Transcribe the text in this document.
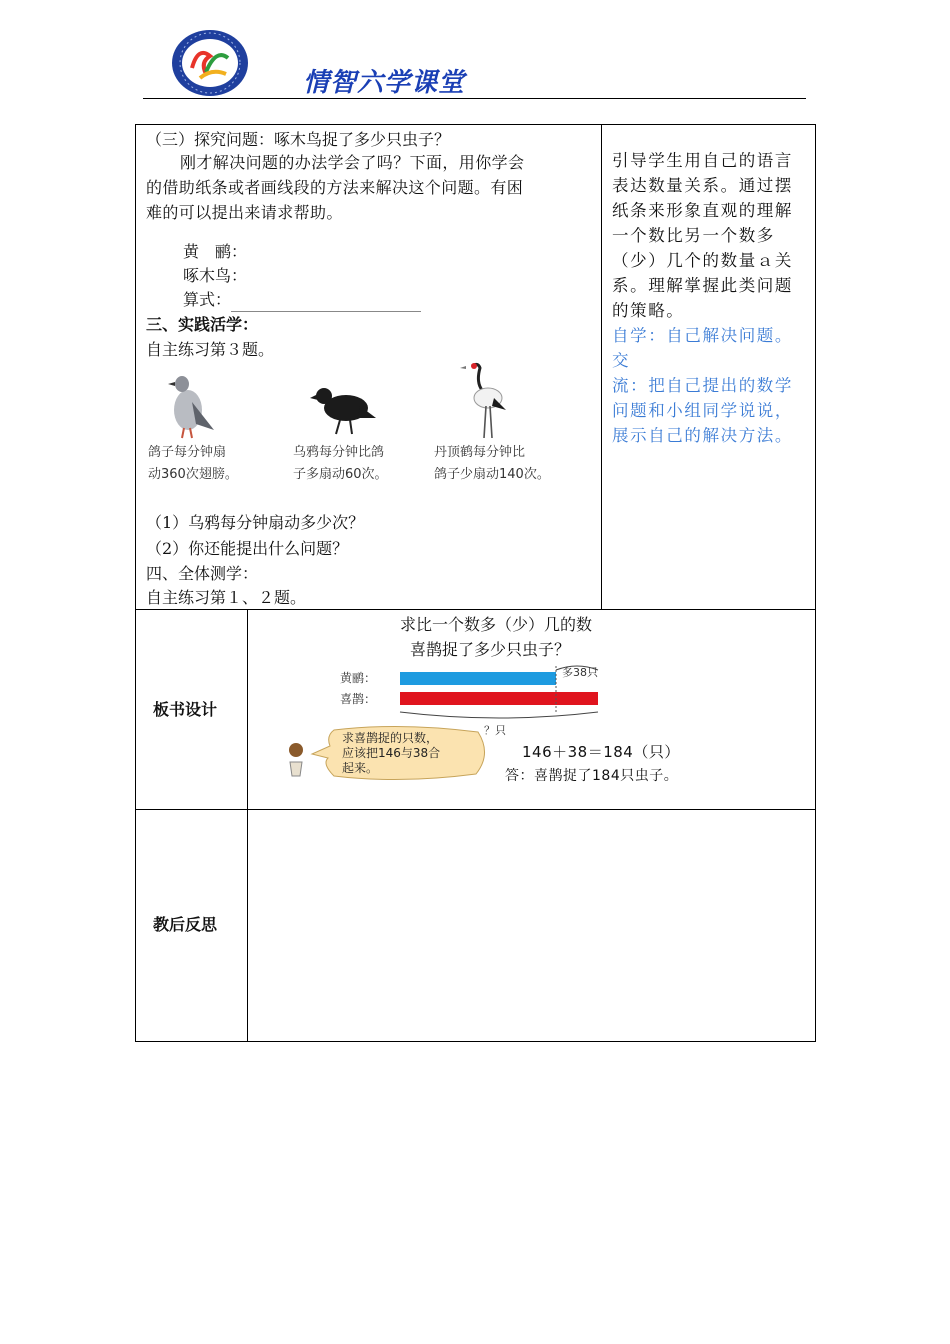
情智六学课堂
（三）探究问题：啄木鸟捉了多少只虫子？
刚才解决问题的办法学会了吗？下面，用你学会
的借助纸条或者画线段的方法来解决这个问题。有困
难的可以提出来请求帮助。
黄　鹂：
啄木鸟：
算式：
三、实践活学：
自主练习第３题。
鸽子每分钟扇
动360次翅膀。
乌鸦每分钟比鸽
子多扇动60次。
丹顶鹤每分钟比
鸽子少扇动140次。
（1）乌鸦每分钟扇动多少次？
（2）你还能提出什么问题？
四、全体测学：
自主练习第１、２题。
引导学生用自己的语言
表达数量关系。通过摆
纸条来形象直观的理解
一个数比另一个数多
（少）几个的数量ａ关
系。理解掌握此类问题
的策略。
自学：自己解决问题。交
流：把自己提出的数学
问题和小组同学说说，
展示自己的解决方法。
板书设计
求比一个数多（少）几的数
喜鹊捉了多少只虫子？
黄鹂：
喜鹊：
多38只
？只
求喜鹊捉的只数，
应该把146与38合
起来。
146＋38＝184（只）
答：喜鹊捉了184只虫子。
教后反思
